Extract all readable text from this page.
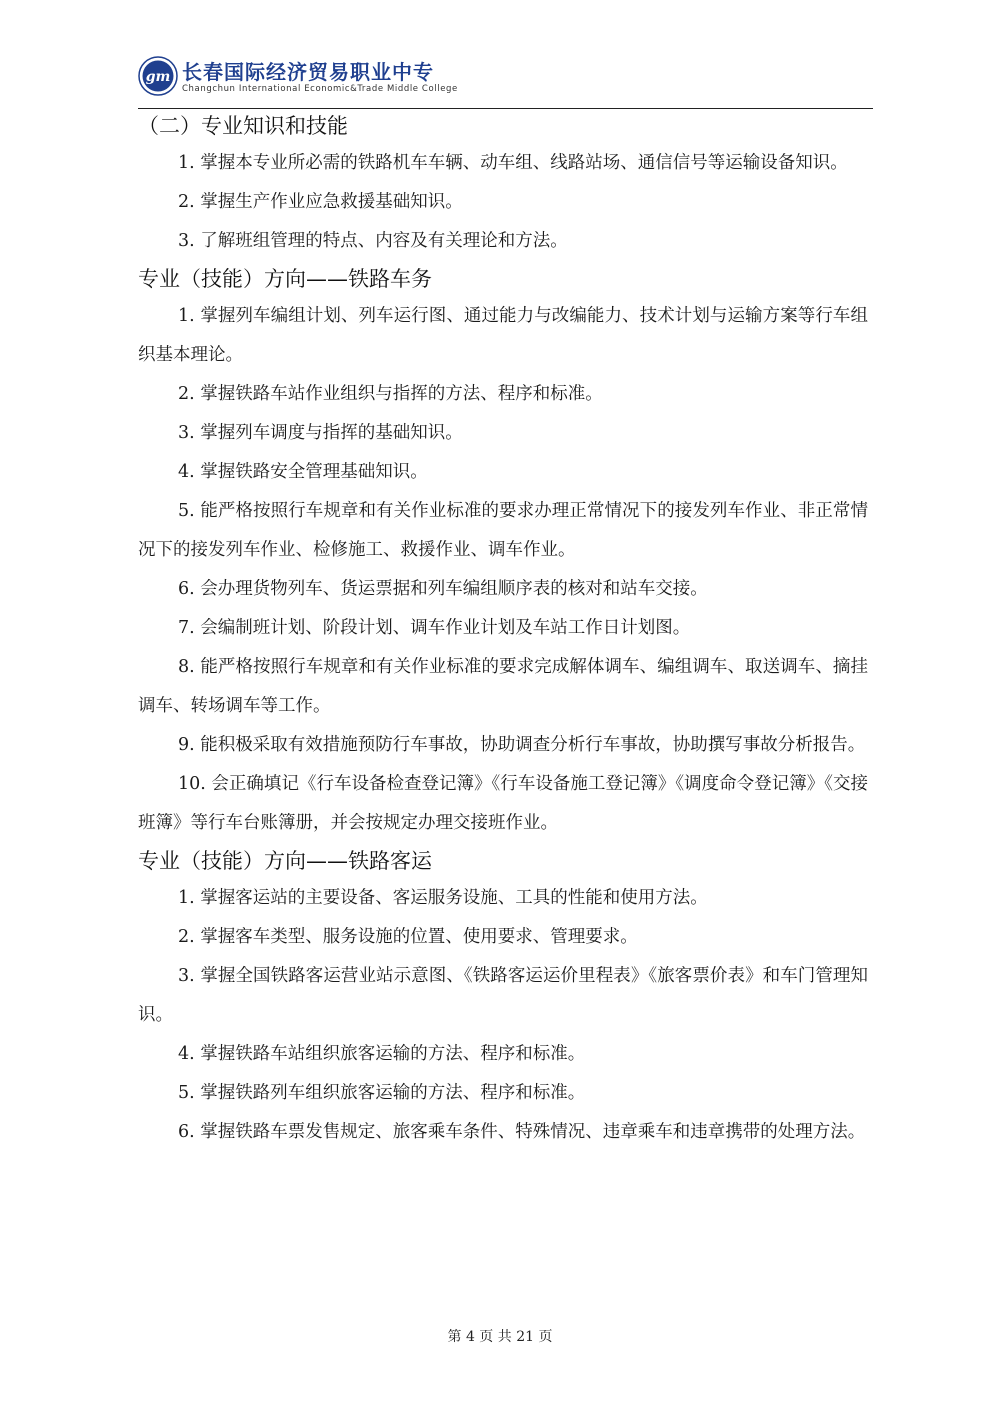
gm 长春国际经济贸易职业中专
Changchun International Economic&Trade Middle College
（二）专业知识和技能

1. 掌握本专业所必需的铁路机车车辆、动车组、线路站场、通信信号等运输设备知识。

2. 掌握生产作业应急救援基础知识。

3. 了解班组管理的特点、内容及有关理论和方法。

专业（技能）方向——铁路车务

1. 掌握列车编组计划、列车运行图、通过能力与改编能力、技术计划与运输方案等行车组织基本理论。

2. 掌握铁路车站作业组织与指挥的方法、程序和标准。

3. 掌握列车调度与指挥的基础知识。

4. 掌握铁路安全管理基础知识。

5. 能严格按照行车规章和有关作业标准的要求办理正常情况下的接发列车作业、非正常情况下的接发列车作业、检修施工、救援作业、调车作业。

6. 会办理货物列车、货运票据和列车编组顺序表的核对和站车交接。

7. 会编制班计划、阶段计划、调车作业计划及车站工作日计划图。

8. 能严格按照行车规章和有关作业标准的要求完成解体调车、编组调车、取送调车、摘挂调车、转场调车等工作。

9. 能积极采取有效措施预防行车事故，协助调查分析行车事故，协助撰写事故分析报告。

10. 会正确填记《行车设备检查登记簿》《行车设备施工登记簿》《调度命令登记簿》《交接班簿》等行车台账簿册，并会按规定办理交接班作业。

专业（技能）方向——铁路客运

1. 掌握客运站的主要设备、客运服务设施、工具的性能和使用方法。

2. 掌握客车类型、服务设施的位置、使用要求、管理要求。

3. 掌握全国铁路客运营业站示意图、《铁路客运运价里程表》《旅客票价表》和车门管理知识。

4. 掌握铁路车站组织旅客运输的方法、程序和标准。

5. 掌握铁路列车组织旅客运输的方法、程序和标准。

6. 掌握铁路车票发售规定、旅客乘车条件、特殊情况、违章乘车和违章携带的处理方法。

第 4 页 共 21 页
